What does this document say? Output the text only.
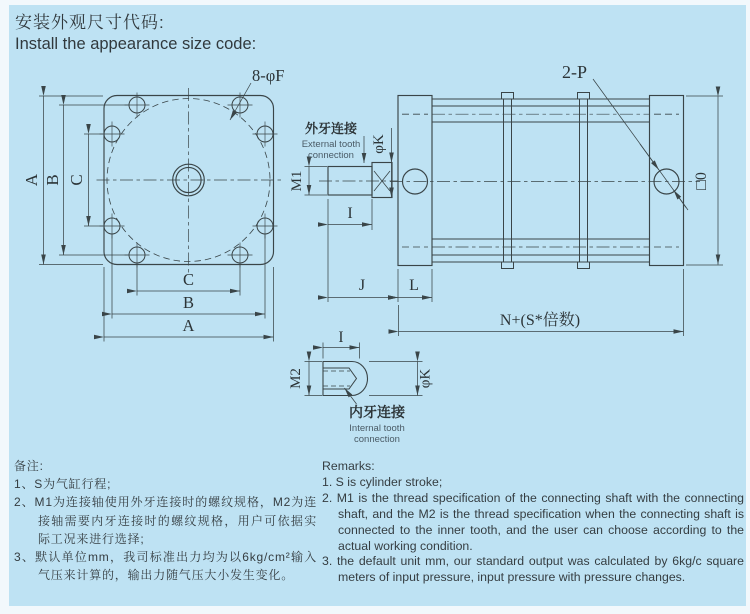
安装外观尺寸代码:
Install the appearance size code:
8-φF
A B C
C
B
A
M1
φK
I
外牙连接
External tooth
connection
2-P
□0
J	L
N+(S*倍数)
I
M2	φK
内牙连接
Internal tooth
connection
备注:
1、S为气缸行程;
2、M1为连接轴使用外牙连接时的螺纹规格，M2为连接轴需要内牙连接时的螺纹规格，用户可依据实际工况来进行选择;
3、默认单位mm，我司标准出力均为以6kg/cm²输入气压来计算的，输出力随气压大小发生变化。
Remarks:
1. S is cylinder stroke;
2. M1 is the thread specification of the connecting shaft with the connecting shaft, and the M2 is the thread specification when the connecting shaft is connected to the inner tooth, and the user can choose according to the actual working condition.
3. the default unit mm, our standard output was calculated by 6kg/c square meters of input pressure, input pressure with pressure changes.
